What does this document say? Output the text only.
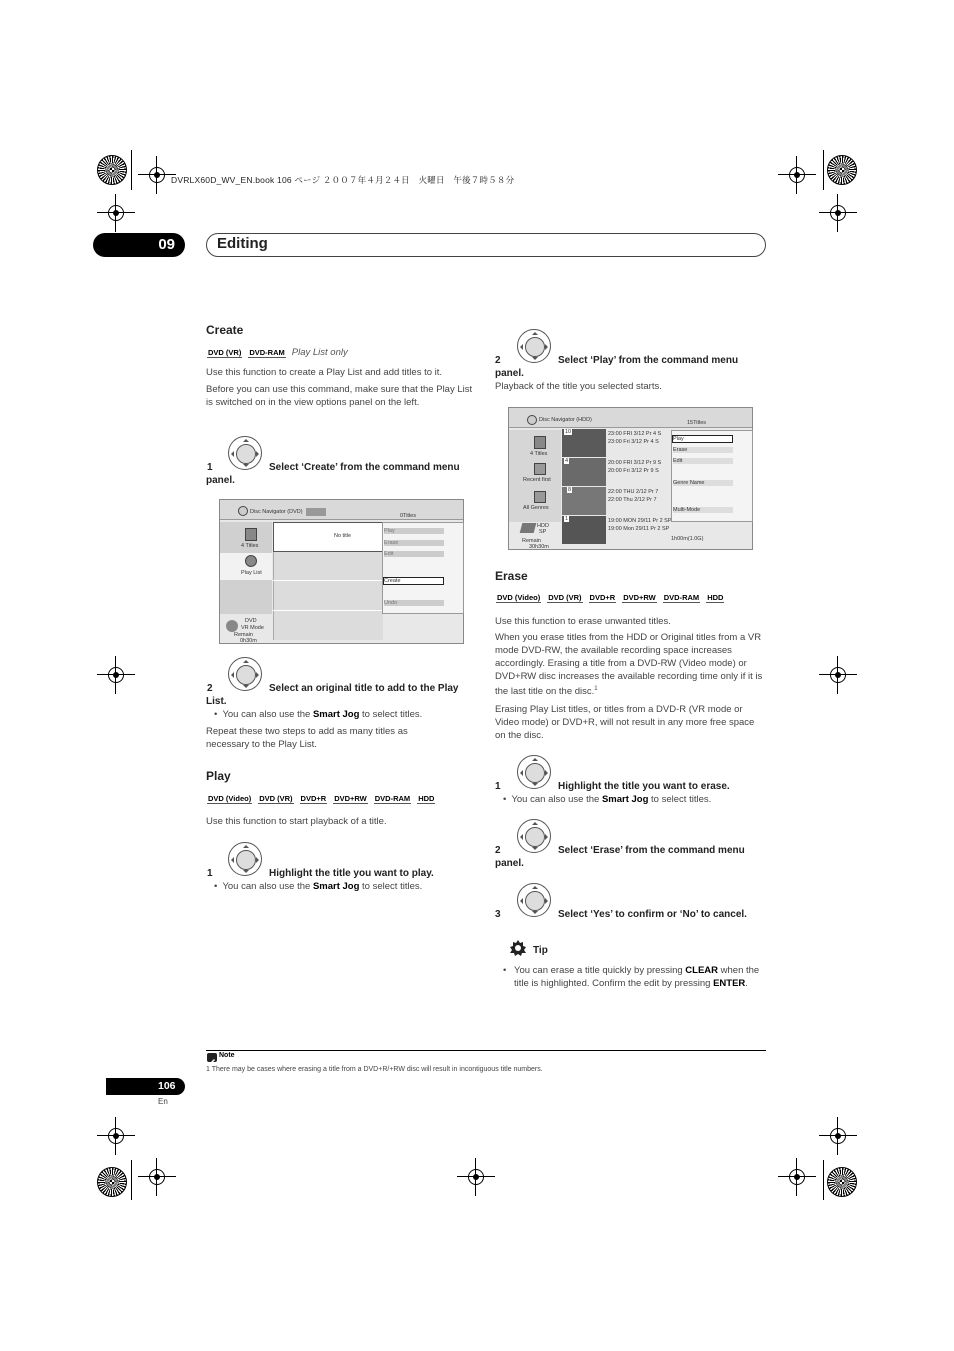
DVRLX60D_WV_EN.book 106 ページ ２００７年４月２４日　火曜日　午後７時５８分
09	Editing
Create
DVD (VR) DVD-RAM Play List only
Use this function to create a Play List and add titles to it.
Before you can use this command, make sure that the Play List is switched on in the view options panel on the left.
1	Select ‘Create’ from the command menu
panel.
Disc Navigator (DVD)
0Titles
4 Titles
Play List
DVD
VR Mode
Remain
0h30m
No title
Play
Erase
Edit
Create
Undo
2	Select an original title to add to the Play
List.
•  You can also use the Smart Jog to select titles.
Repeat these two steps to add as many titles as necessary to the Play List.
Play
DVD (Video) DVD (VR) DVD+R DVD+RW DVD-RAM HDD
Use this function to start playback of a title.
1	Highlight the title you want to play.
•  You can also use the Smart Jog to select titles.
2	Select ‘Play’ from the command menu
panel.
Playback of the title you selected starts.
Disc Navigator (HDD)	15Titles
4 Titles
Recent first
All Genres
HDD
SP
Remain
30h30m
10	23:00 FRI 3/12 Pr 4 S
23:00 Fri 3/12 Pr 4 S
4	20:00 FRI 3/12 Pr 9 S
20:00 Fri 3/12 Pr 9 S
8	22:00 THU 2/12 Pr 7
22:00 Thu 2/12 Pr 7
1	19:00 MON 29/11 Pr 2 SP
19:00 Mon 29/11 Pr 2 SP
Play
Erase
Edit
Genre Name
Multi-Mode
1h00m(1.0G)
Erase
DVD (Video) DVD (VR) DVD+R DVD+RW DVD-RAM HDD
Use this function to erase unwanted titles.
When you erase titles from the HDD or Original titles from a VR mode DVD-RW, the available recording space increases accordingly. Erasing a title from a DVD-RW (Video mode) or DVD+RW disc increases the available recording time only if it is the last title on the disc.$^1$
Erasing Play List titles, or titles from a DVD-R (VR mode or Video mode) or DVD+R, will not result in any more free space on the disc.
1	Highlight the title you want to erase.
•  You can also use the Smart Jog to select titles.
2	Select ‘Erase’ from the command menu
panel.
3	Select ‘Yes’ to confirm or ‘No’ to cancel.
Tip
• You can erase a title quickly by pressing CLEAR when the title is highlighted. Confirm the edit by pressing ENTER.
Note
1 There may be cases where erasing a title from a DVD+R/+RW disc will result in incontiguous title numbers.
106
En
